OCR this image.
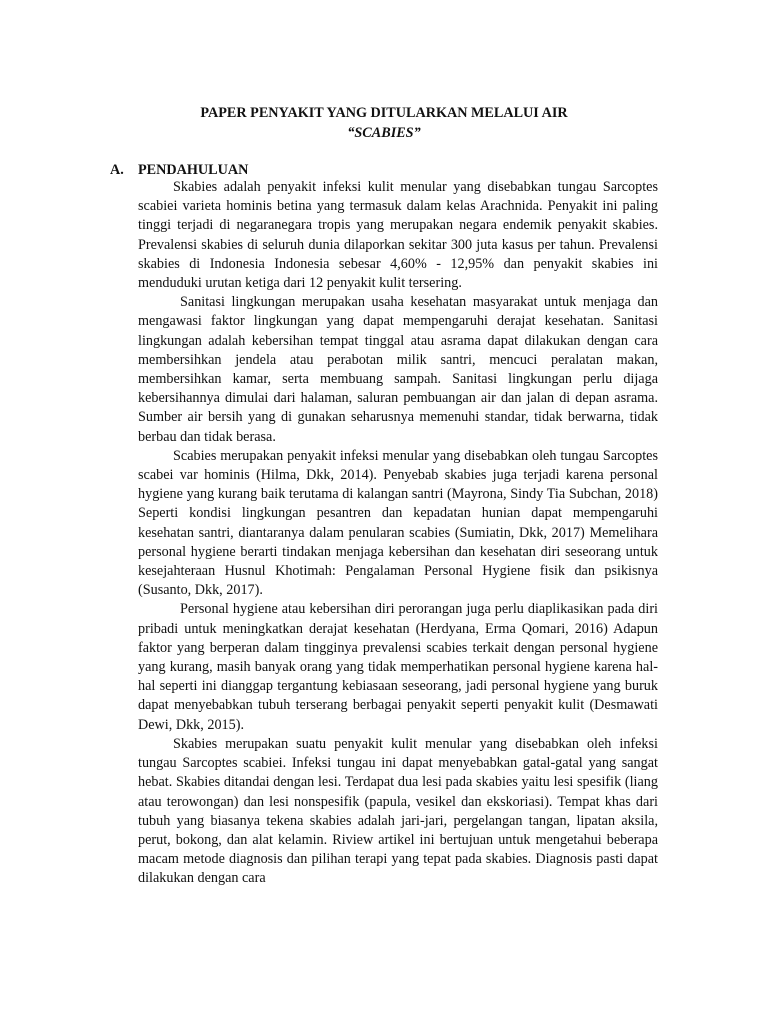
PAPER PENYAKIT YANG DITULARKAN MELALUI AIR
“SCABIES”
A. PENDAHULUAN

Skabies adalah penyakit infeksi kulit menular yang disebabkan tungau Sarcoptes scabiei varieta hominis betina yang termasuk dalam kelas Arachnida. Penyakit ini paling tinggi terjadi di negaranegara tropis yang merupakan negara endemik penyakit skabies. Prevalensi skabies di seluruh dunia dilaporkan sekitar 300 juta kasus per tahun. Prevalensi skabies di Indonesia Indonesia sebesar 4,60% - 12,95% dan penyakit skabies ini menduduki urutan ketiga dari 12 penyakit kulit tersering.

Sanitasi lingkungan merupakan usaha kesehatan masyarakat untuk menjaga dan mengawasi faktor lingkungan yang dapat mempengaruhi derajat kesehatan. Sanitasi lingkungan adalah kebersihan tempat tinggal atau asrama dapat dilakukan dengan cara membersihkan jendela atau perabotan milik santri, mencuci peralatan makan, membersihkan kamar, serta membuang sampah. Sanitasi lingkungan perlu dijaga kebersihannya dimulai dari halaman, saluran pembuangan air dan jalan di depan asrama. Sumber air bersih yang di gunakan seharusnya memenuhi standar, tidak berwarna, tidak berbau dan tidak berasa.

Scabies merupakan penyakit infeksi menular yang disebabkan oleh tungau Sarcoptes scabei var hominis (Hilma, Dkk, 2014). Penyebab skabies juga terjadi karena personal hygiene yang kurang baik terutama di kalangan santri (Mayrona, Sindy Tia Subchan, 2018) Seperti kondisi lingkungan pesantren dan kepadatan hunian dapat mempengaruhi kesehatan santri, diantaranya dalam penularan scabies (Sumiatin, Dkk, 2017) Memelihara personal hygiene berarti tindakan menjaga kebersihan dan kesehatan diri seseorang untuk kesejahteraan Husnul Khotimah: Pengalaman Personal Hygiene fisik dan psikisnya (Susanto, Dkk, 2017).

Personal hygiene atau kebersihan diri perorangan juga perlu diaplikasikan pada diri pribadi untuk meningkatkan derajat kesehatan (Herdyana, Erma Qomari, 2016) Adapun faktor yang berperan dalam tingginya prevalensi scabies terkait dengan personal hygiene yang kurang, masih banyak orang yang tidak memperhatikan personal hygiene karena hal-hal seperti ini dianggap tergantung kebiasaan seseorang, jadi personal hygiene yang buruk dapat menyebabkan tubuh terserang berbagai penyakit seperti penyakit kulit (Desmawati Dewi, Dkk, 2015).

Skabies merupakan suatu penyakit kulit menular yang disebabkan oleh infeksi tungau Sarcoptes scabiei. Infeksi tungau ini dapat menyebabkan gatal-gatal yang sangat hebat. Skabies ditandai dengan lesi. Terdapat dua lesi pada skabies yaitu lesi spesifik (liang atau terowongan) dan lesi nonspesifik (papula, vesikel dan ekskoriasi). Tempat khas dari tubuh yang biasanya tekena skabies adalah jari-jari, pergelangan tangan, lipatan aksila, perut, bokong, dan alat kelamin. Riview artikel ini bertujuan untuk mengetahui beberapa macam metode diagnosis dan pilihan terapi yang tepat pada skabies. Diagnosis pasti dapat dilakukan dengan cara
